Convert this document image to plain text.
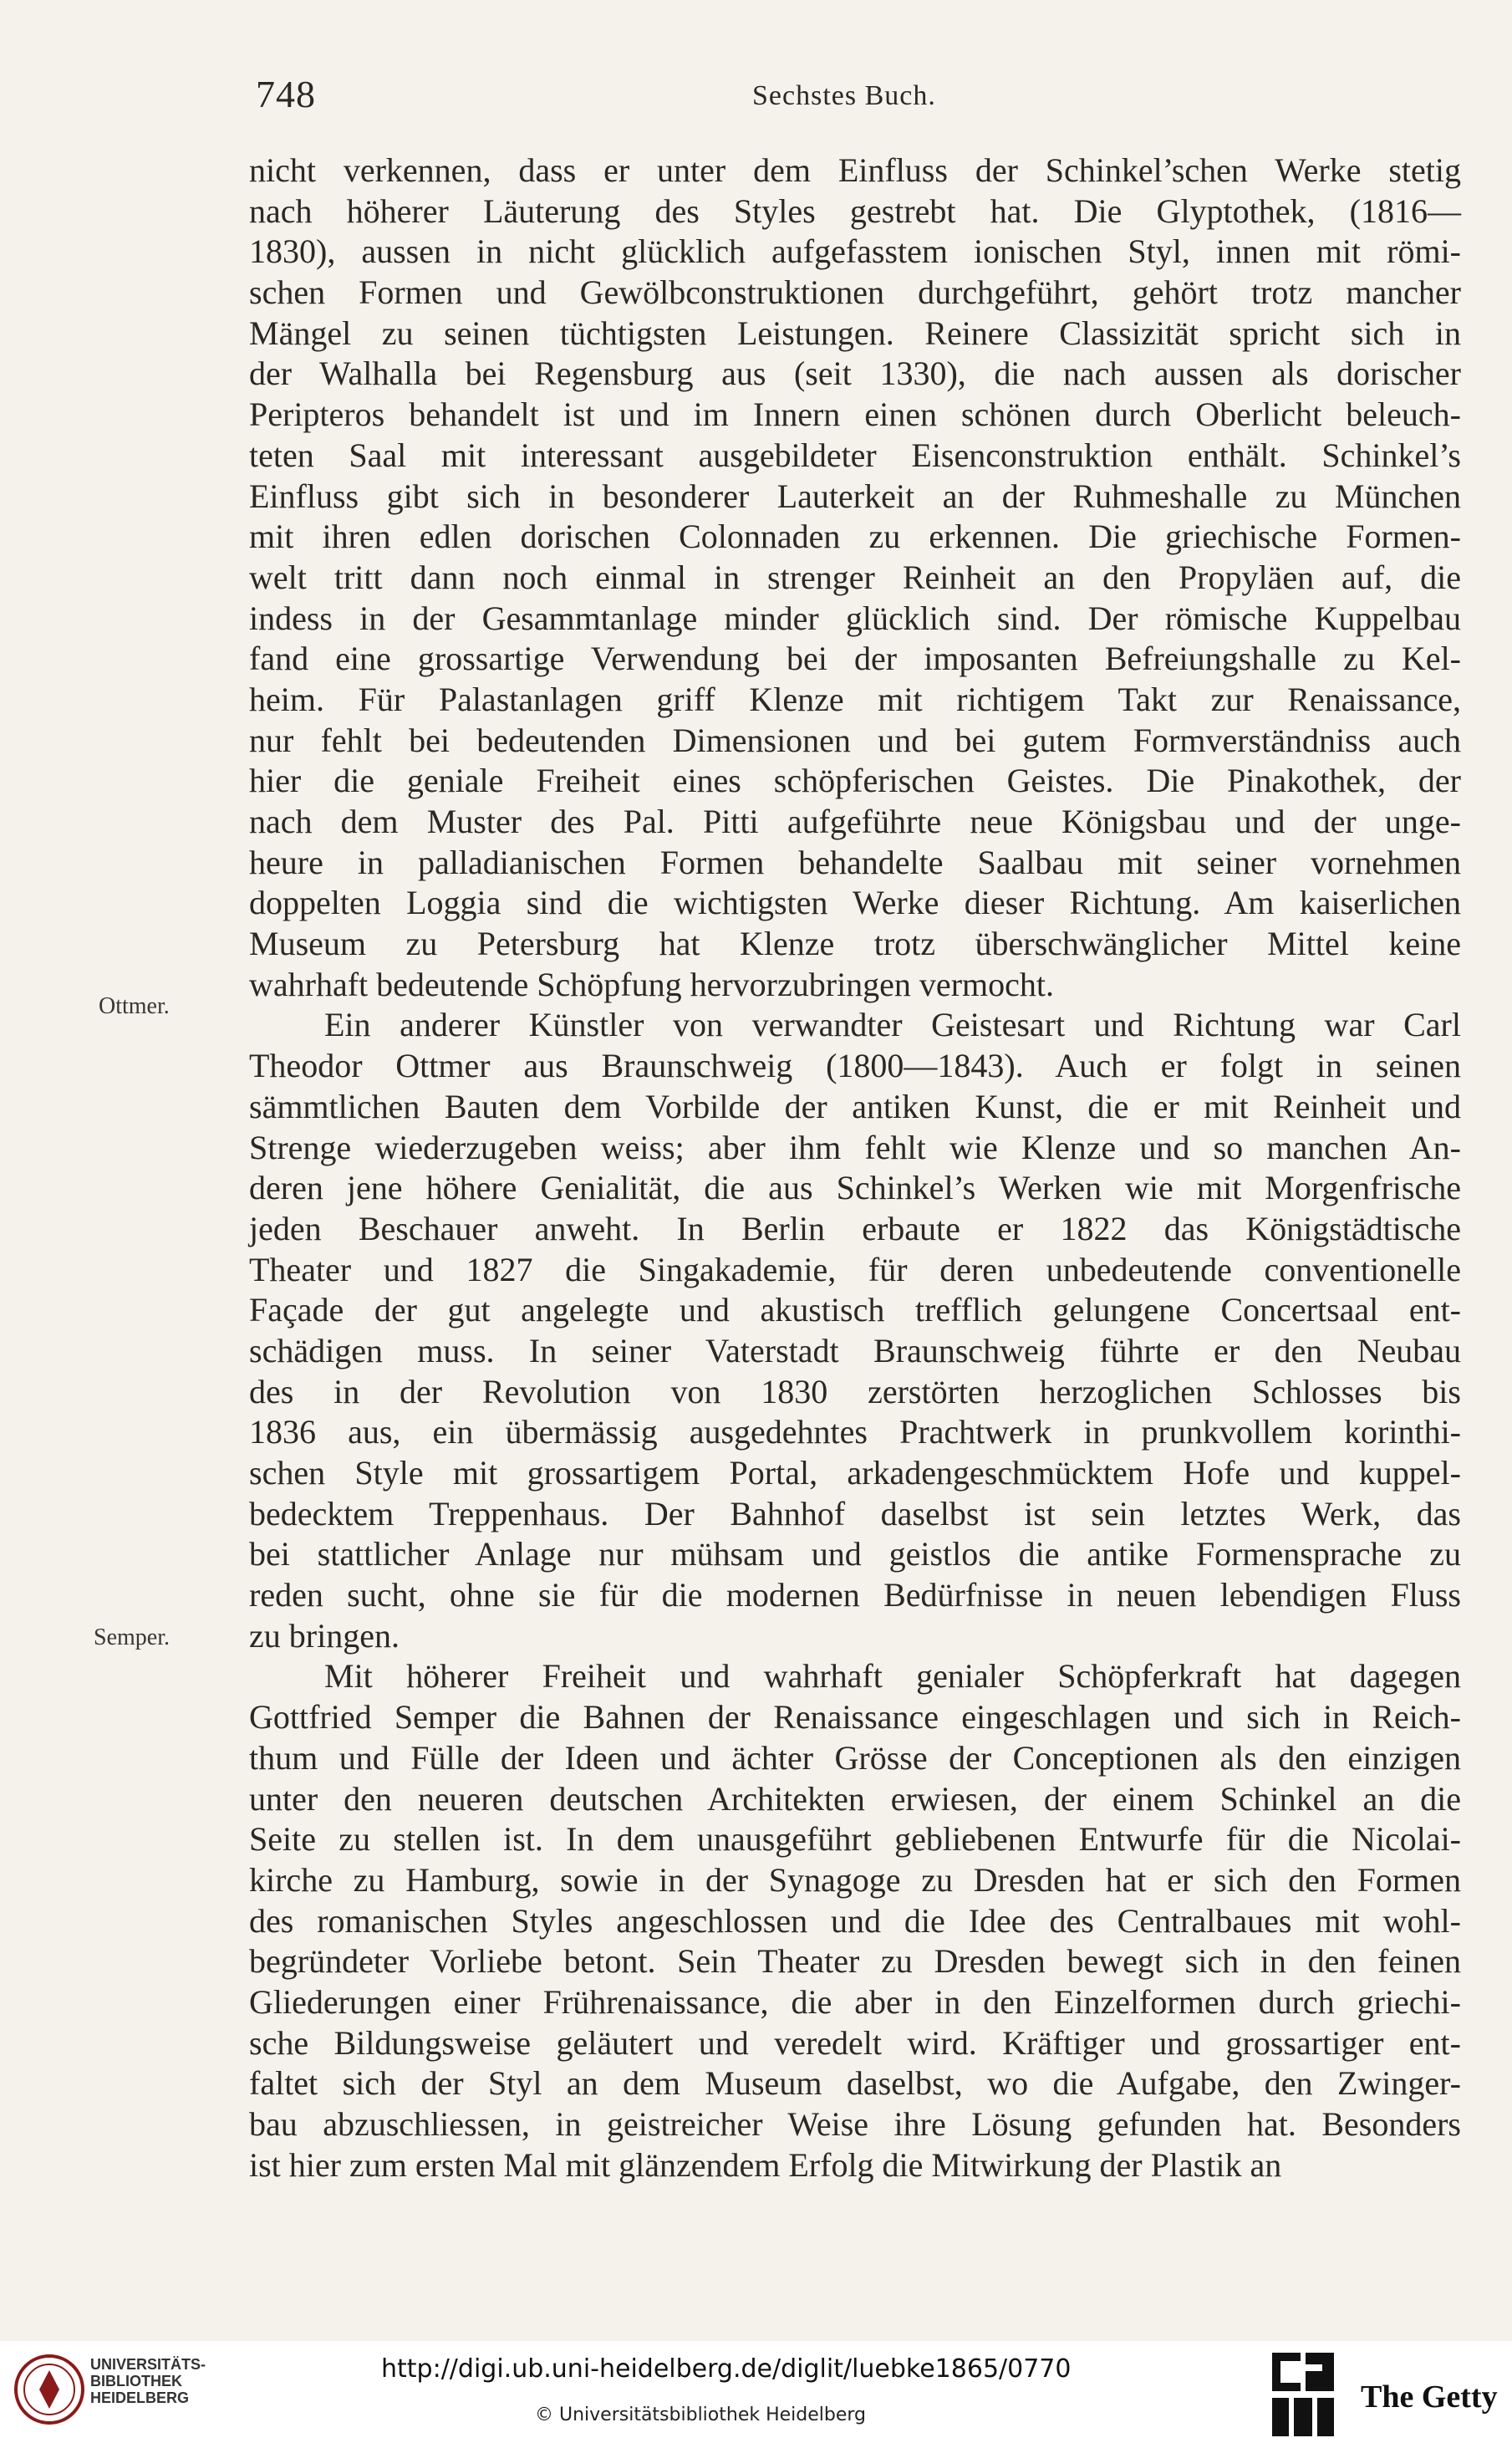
748	Sechstes Buch.
Ottmer.
Semper.
nicht verkennen, dass er unter dem Einfluss der Schinkel’schen Werke stetig
nach höherer Läuterung des Styles gestrebt hat. Die Glyptothek, (1816—
1830), aussen in nicht glücklich aufgefasstem ionischen Styl, innen mit römi-
schen Formen und Gewölbconstruktionen durchgeführt, gehört trotz mancher
Mängel zu seinen tüchtigsten Leistungen. Reinere Classizität spricht sich in
der Walhalla bei Regensburg aus (seit 1330), die nach aussen als dorischer
Peripteros behandelt ist und im Innern einen schönen durch Oberlicht beleuch-
teten Saal mit interessant ausgebildeter Eisenconstruktion enthält. Schinkel’s
Einfluss gibt sich in besonderer Lauterkeit an der Ruhmeshalle zu München
mit ihren edlen dorischen Colonnaden zu erkennen. Die griechische Formen-
welt tritt dann noch einmal in strenger Reinheit an den Propyläen auf, die
indess in der Gesammtanlage minder glücklich sind. Der römische Kuppelbau
fand eine grossartige Verwendung bei der imposanten Befreiungshalle zu Kel-
heim. Für Palastanlagen griff Klenze mit richtigem Takt zur Renaissance,
nur fehlt bei bedeutenden Dimensionen und bei gutem Formverständniss auch
hier die geniale Freiheit eines schöpferischen Geistes. Die Pinakothek, der
nach dem Muster des Pal. Pitti aufgeführte neue Königsbau und der unge-
heure in palladianischen Formen behandelte Saalbau mit seiner vornehmen
doppelten Loggia sind die wichtigsten Werke dieser Richtung. Am kaiserlichen
Museum zu Petersburg hat Klenze trotz überschwänglicher Mittel keine
wahrhaft bedeutende Schöpfung hervorzubringen vermocht.
Ein anderer Künstler von verwandter Geistesart und Richtung war Carl
Theodor Ottmer aus Braunschweig (1800—1843). Auch er folgt in seinen
sämmtlichen Bauten dem Vorbilde der antiken Kunst, die er mit Reinheit und
Strenge wiederzugeben weiss; aber ihm fehlt wie Klenze und so manchen An-
deren jene höhere Genialität, die aus Schinkel’s Werken wie mit Morgenfrische
jeden Beschauer anweht. In Berlin erbaute er 1822 das Königstädtische
Theater und 1827 die Singakademie, für deren unbedeutende conventionelle
Façade der gut angelegte und akustisch trefflich gelungene Concertsaal ent-
schädigen muss. In seiner Vaterstadt Braunschweig führte er den Neubau
des in der Revolution von 1830 zerstörten herzoglichen Schlosses bis
1836 aus, ein übermässig ausgedehntes Prachtwerk in prunkvollem korinthi-
schen Style mit grossartigem Portal, arkadengeschmücktem Hofe und kuppel-
bedecktem Treppenhaus. Der Bahnhof daselbst ist sein letztes Werk, das
bei stattlicher Anlage nur mühsam und geistlos die antike Formensprache zu
reden sucht, ohne sie für die modernen Bedürfnisse in neuen lebendigen Fluss
zu bringen.
Mit höherer Freiheit und wahrhaft genialer Schöpferkraft hat dagegen
Gottfried Semper die Bahnen der Renaissance eingeschlagen und sich in Reich-
thum und Fülle der Ideen und ächter Grösse der Conceptionen als den einzigen
unter den neueren deutschen Architekten erwiesen, der einem Schinkel an die
Seite zu stellen ist. In dem unausgeführt gebliebenen Entwurfe für die Nicolai-
kirche zu Hamburg, sowie in der Synagoge zu Dresden hat er sich den Formen
des romanischen Styles angeschlossen und die Idee des Centralbaues mit wohl-
begründeter Vorliebe betont. Sein Theater zu Dresden bewegt sich in den feinen
Gliederungen einer Frührenaissance, die aber in den Einzelformen durch griechi-
sche Bildungsweise geläutert und veredelt wird. Kräftiger und grossartiger ent-
faltet sich der Styl an dem Museum daselbst, wo die Aufgabe, den Zwinger-
bau abzuschliessen, in geistreicher Weise ihre Lösung gefunden hat. Besonders
ist hier zum ersten Mal mit glänzendem Erfolg die Mitwirkung der Plastik an
UNIVERSITÄTS-
BIBLIOTHEK
HEIDELBERG
http://digi.ub.uni-heidelberg.de/diglit/luebke1865/0770
© Universitätsbibliothek Heidelberg
The Getty
